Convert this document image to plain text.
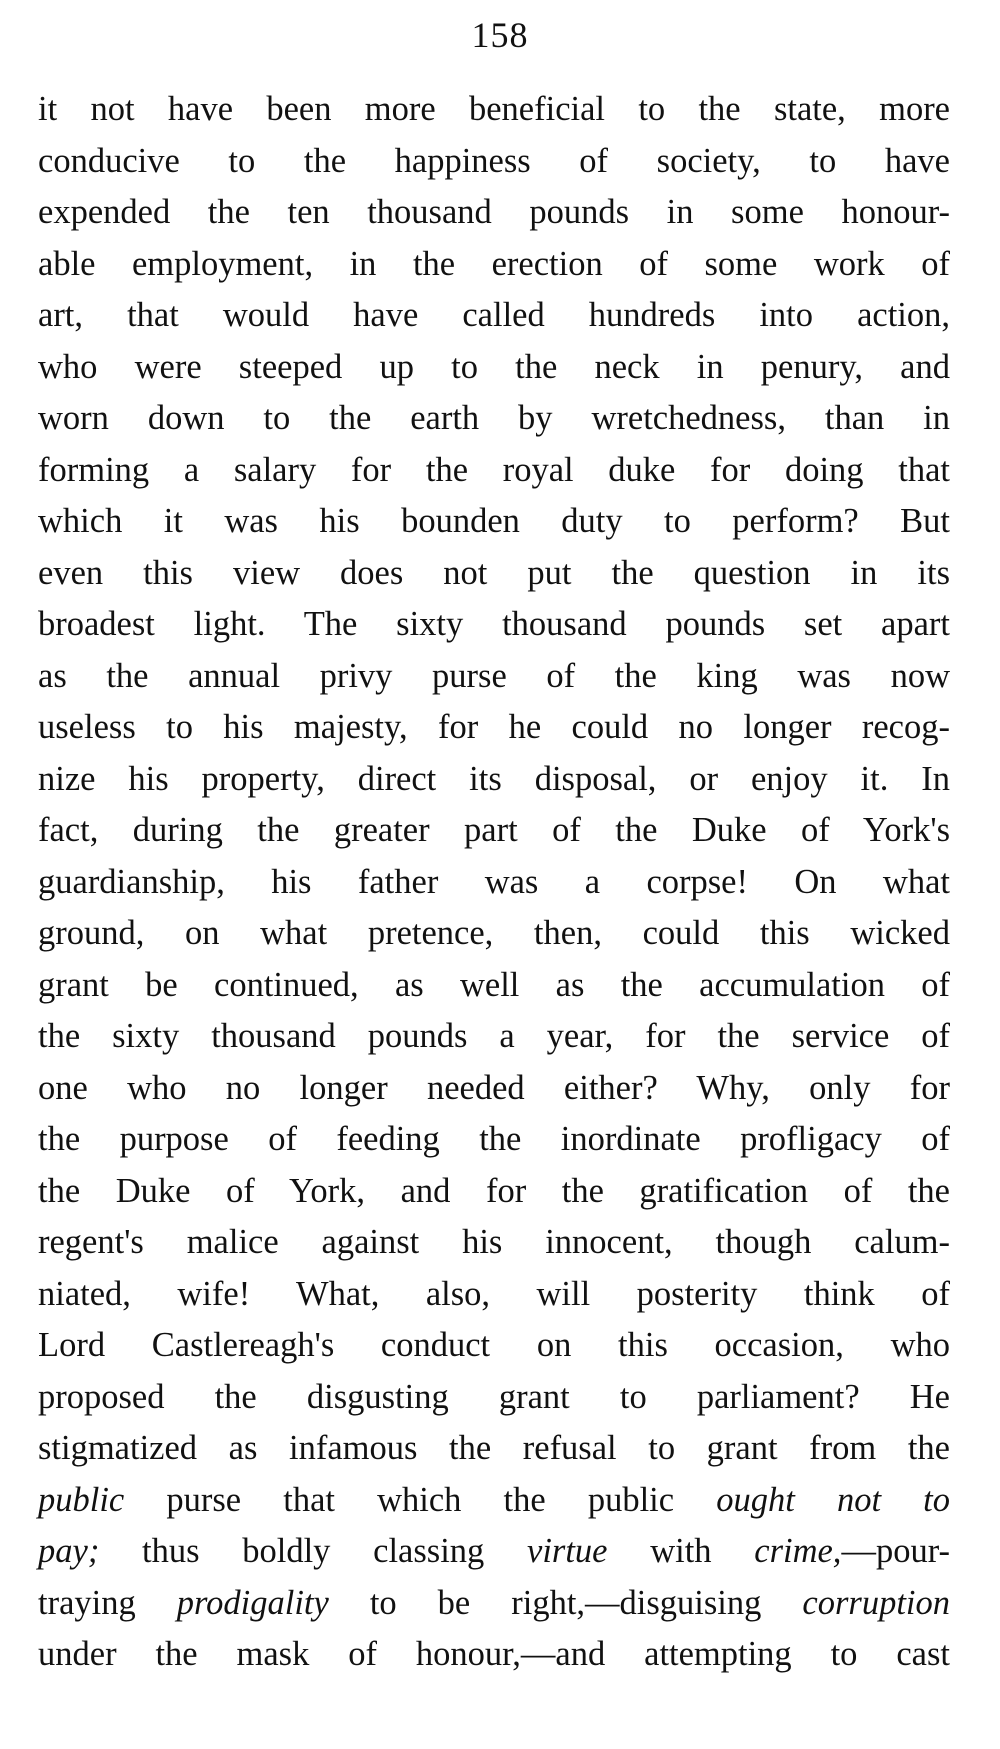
158
it not have been more beneficial to the state, more
conducive to the happiness of society, to have
expended the ten thousand pounds in some honour-
able employment, in the erection of some work of
art, that would have called hundreds into action,
who were steeped up to the neck in penury, and
worn down to the earth by wretchedness, than in
forming a salary for the royal duke for doing that
which it was his bounden duty to perform? But
even this view does not put the question in its
broadest light. The sixty thousand pounds set apart
as the annual privy purse of the king was now
useless to his majesty, for he could no longer recog-
nize his property, direct its disposal, or enjoy it. In
fact, during the greater part of the Duke of York's
guardianship, his father was a corpse! On what
ground, on what pretence, then, could this wicked
grant be continued, as well as the accumulation of
the sixty thousand pounds a year, for the service of
one who no longer needed either? Why, only for
the purpose of feeding the inordinate profligacy of
the Duke of York, and for the gratification of the
regent's malice against his innocent, though calum-
niated, wife! What, also, will posterity think of
Lord Castlereagh's conduct on this occasion, who
proposed the disgusting grant to parliament? He
stigmatized as infamous the refusal to grant from the
public purse that which the public ought not to
pay; thus boldly classing virtue with crime,—pour-
traying prodigality to be right,—disguising corruption
under the mask of honour,—and attempting to cast
